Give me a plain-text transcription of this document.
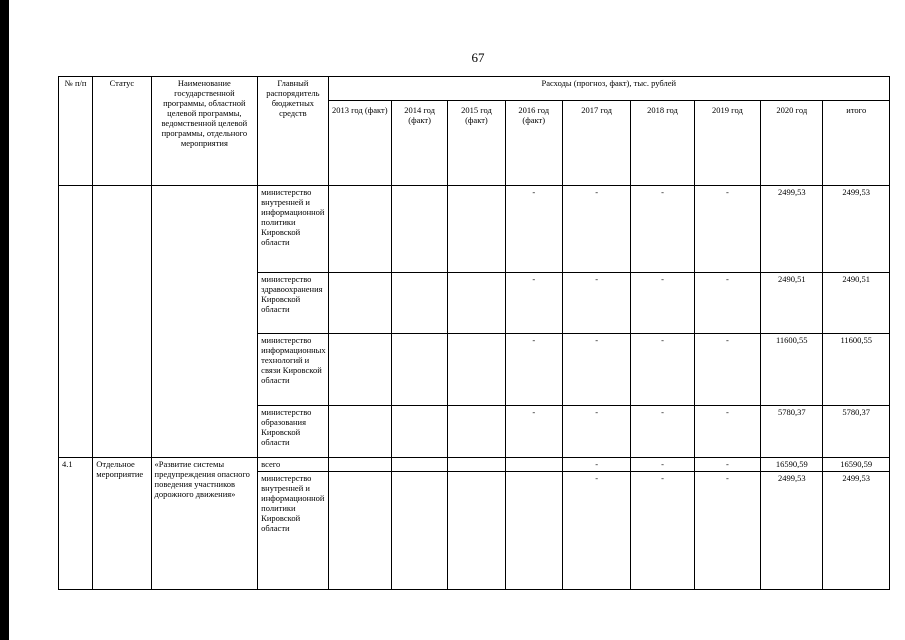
67
№ п/п	Статус	Наименование государственной программы, областной целевой программы, ведомственной целевой программы, отдельного мероприятия	Главный распорядитель бюджетных средств	Расходы (прогноз, факт), тыс. рублей								
				2013 год (факт)	2014 год (факт)	2015 год (факт)	2016 год (факт)	2017 год	2018 год	2019 год	2020 год	итого
			министерство внутренней и информационной политики Кировской области				-	-	-	-	2499,53	2499,53
			министерство здравоохранения Кировской области				-	-	-	-	2490,51	2490,51
			министерство информационных технологий и связи Кировской области				-	-	-	-	11600,55	11600,55
			министерство образования Кировской области				-	-	-	-	5780,37	5780,37
4.1	Отдельное мероприятие	«Развитие системы предупреждения опасного поведения участников дорожного движения»	всего					-	-	-	16590,59	16590,59
			министерство внутренней и информационной политики Кировской области					-	-	-	2499,53	2499,53
